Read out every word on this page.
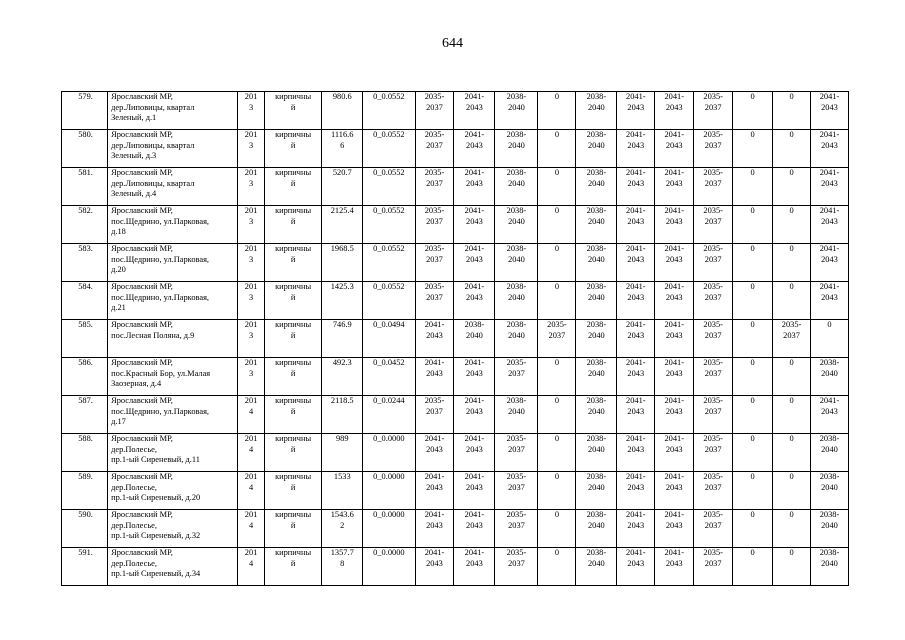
644
579.	Ярославский МР,
дер.Липовицы, квартал
Зеленый, д.1	201
3	кирпичны
й	980.6	0_0.0552	2035-
2037	2041-
2043	2038-
2040	0	2038-
2040	2041-
2043	2041-
2043	2035-
2037	0	0	2041-
2043
580.	Ярославский МР,
дер.Липовицы, квартал
Зеленый, д.3	201
3	кирпичны
й	1116.6
6	0_0.0552	2035-
2037	2041-
2043	2038-
2040	0	2038-
2040	2041-
2043	2041-
2043	2035-
2037	0	0	2041-
2043
581.	Ярославский МР,
дер.Липовицы, квартал
Зеленый, д.4	201
3	кирпичны
й	520.7	0_0.0552	2035-
2037	2041-
2043	2038-
2040	0	2038-
2040	2041-
2043	2041-
2043	2035-
2037	0	0	2041-
2043
582.	Ярославский МР,
пос.Щедрино, ул.Парковая,
д.18	201
3	кирпичны
й	2125.4	0_0.0552	2035-
2037	2041-
2043	2038-
2040	0	2038-
2040	2041-
2043	2041-
2043	2035-
2037	0	0	2041-
2043
583.	Ярославский МР,
пос.Щедрино, ул.Парковая,
д.20	201
3	кирпичны
й	1968.5	0_0.0552	2035-
2037	2041-
2043	2038-
2040	0	2038-
2040	2041-
2043	2041-
2043	2035-
2037	0	0	2041-
2043
584.	Ярославский МР,
пос.Щедрино, ул.Парковая,
д.21	201
3	кирпичны
й	1425.3	0_0.0552	2035-
2037	2041-
2043	2038-
2040	0	2038-
2040	2041-
2043	2041-
2043	2035-
2037	0	0	2041-
2043
585.	Ярославский МР,
пос.Лесная Поляна, д.9	201
3	кирпичны
й	746.9	0_0.0494	2041-
2043	2038-
2040	2038-
2040	2035-
2037	2038-
2040	2041-
2043	2041-
2043	2035-
2037	0	2035-
2037	0
586.	Ярославский МР,
пос.Красный Бор, ул.Малая
Заозерная, д.4	201
3	кирпичны
й	492.3	0_0.0452	2041-
2043	2041-
2043	2035-
2037	0	2038-
2040	2041-
2043	2041-
2043	2035-
2037	0	0	2038-
2040
587.	Ярославский МР,
пос.Щедрино, ул.Парковая,
д.17	201
4	кирпичны
й	2118.5	0_0.0244	2035-
2037	2041-
2043	2038-
2040	0	2038-
2040	2041-
2043	2041-
2043	2035-
2037	0	0	2041-
2043
588.	Ярославский МР,
дер.Полесье,
пр.1-ый Сиреневый, д.11	201
4	кирпичны
й	989	0_0.0000	2041-
2043	2041-
2043	2035-
2037	0	2038-
2040	2041-
2043	2041-
2043	2035-
2037	0	0	2038-
2040
589.	Ярославский МР,
дер.Полесье,
пр.1-ый Сиреневый, д.20	201
4	кирпичны
й	1533	0_0.0000	2041-
2043	2041-
2043	2035-
2037	0	2038-
2040	2041-
2043	2041-
2043	2035-
2037	0	0	2038-
2040
590.	Ярославский МР,
дер.Полесье,
пр.1-ый Сиреневый, д.32	201
4	кирпичны
й	1543.6
2	0_0.0000	2041-
2043	2041-
2043	2035-
2037	0	2038-
2040	2041-
2043	2041-
2043	2035-
2037	0	0	2038-
2040
591.	Ярославский МР,
дер.Полесье,
пр.1-ый Сиреневый, д.34	201
4	кирпичны
й	1357.7
8	0_0.0000	2041-
2043	2041-
2043	2035-
2037	0	2038-
2040	2041-
2043	2041-
2043	2035-
2037	0	0	2038-
2040
